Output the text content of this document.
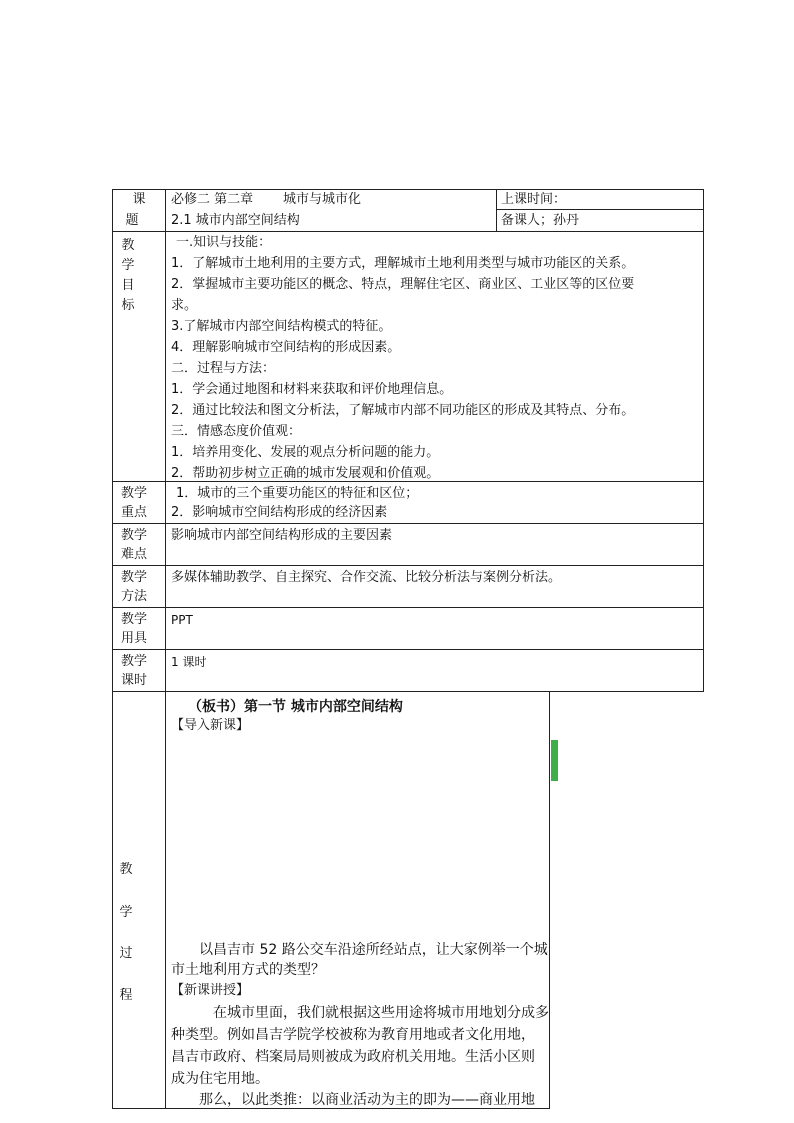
课
题
必修二 第二章 城市与城市化
2.1 城市内部空间结构
上课时间：
备课人；孙丹
教
学
目
标
一.知识与技能：
1．了解城市土地利用的主要方式，理解城市土地利用类型与城市功能区的关系。
2．掌握城市主要功能区的概念、特点，理解住宅区、商业区、工业区等的区位要
求。
3.了解城市内部空间结构模式的特征。
4．理解影响城市空间结构的形成因素。
二．过程与方法：
1．学会通过地图和材料来获取和评价地理信息。
2．通过比较法和图文分析法，了解城市内部不同功能区的形成及其特点、分布。
三．情感态度价值观：
1．培养用变化、发展的观点分析问题的能力。
2．帮助初步树立正确的城市发展观和价值观。
教学
重点
1．城市的三个重要功能区的特征和区位；
2．影响城市空间结构形成的经济因素
教学
难点
影响城市内部空间结构形成的主要因素
教学
方法
多媒体辅助教学、自主探究、合作交流、比较分析法与案例分析法。
教学
用具
PPT
教学
课时
1 课时
教
学
过
程
（板书）第一节 城市内部空间结构
【导入新课】
以昌吉市 52 路公交车沿途所经站点，让大家例举一个城
市土地利用方式的类型？
【新课讲授】
在城市里面，我们就根据这些用途将城市用地划分成多
种类型。例如昌吉学院学校被称为教育用地或者文化用地，
昌吉市政府、档案局局则被成为政府机关用地。生活小区则
成为住宅用地。
那么，以此类推：以商业活动为主的即为——商业用地
